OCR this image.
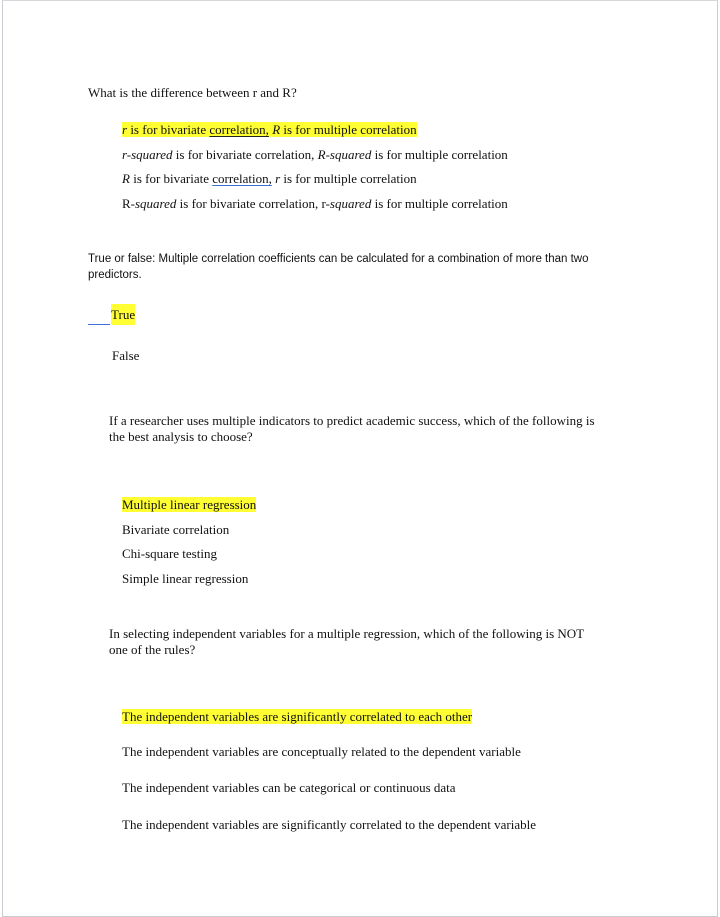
What is the difference between r and R?
r is for bivariate correlation, R is for multiple correlation
r-squared is for bivariate correlation, R-squared is for multiple correlation
R is for bivariate correlation, r is for multiple correlation
R-squared is for bivariate correlation, r-squared is for multiple correlation
True or false: Multiple correlation coefficients can be calculated for a combination of more than two
predictors.
True
False
If a researcher uses multiple indicators to predict academic success, which of the following is
the best analysis to choose?
Multiple linear regression
Bivariate correlation
Chi-square testing
Simple linear regression
In selecting independent variables for a multiple regression, which of the following is NOT
one of the rules?
The independent variables are significantly correlated to each other
The independent variables are conceptually related to the dependent variable
The independent variables can be categorical or continuous data
The independent variables are significantly correlated to the dependent variable
